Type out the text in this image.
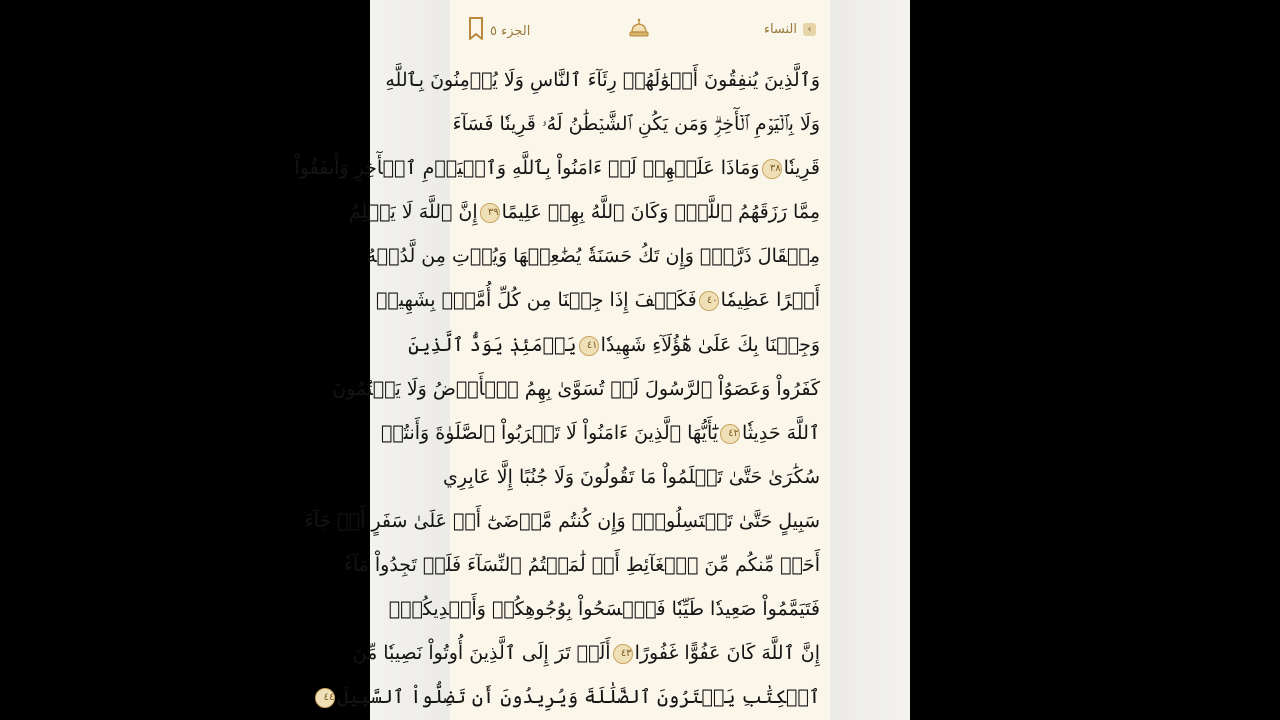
الجزء ٥	النساء	‹
وَٱلَّذِينَ يُنفِقُونَ أَمۡوَٰلَهُمۡ رِئَآءَ ٱلنَّاسِ وَلَا يُؤۡمِنُونَ بِٱللَّهِ
وَلَا بِٱلۡيَوۡمِ ٱلۡأٓخِرِۗ وَمَن يَكُنِ ٱلشَّيۡطَٰنُ لَهُۥ قَرِينٗا فَسَآءَ
قَرِينٗا٣٨وَمَاذَا عَلَيۡهِمۡ لَوۡ ءَامَنُواْ بِٱللَّهِ وَٱلۡيَوۡمِ ٱلۡأٓخِرِ وَأَنفَقُواْ
مِمَّا رَزَقَهُمُ ٱللَّهُۚ وَكَانَ ٱللَّهُ بِهِمۡ عَلِيمًا٣٩إِنَّ ٱللَّهَ لَا يَظۡلِمُ
مِثۡقَالَ ذَرَّةٖۖ وَإِن تَكُ حَسَنَةٗ يُضَٰعِفۡهَا وَيُؤۡتِ مِن لَّدُنۡهُ
أَجۡرًا عَظِيمٗا٤٠فَكَيۡفَ إِذَا جِئۡنَا مِن كُلِّ أُمَّةِۭ بِشَهِيدٖ
وَجِئۡنَا بِكَ عَلَىٰ هَٰٓؤُلَآءِ شَهِيدٗا٤١يَوۡمَئِذٖ يَوَدُّ ٱلَّذِينَ
كَفَرُواْ وَعَصَوُاْ ٱلرَّسُولَ لَوۡ تُسَوَّىٰ بِهِمُ ٱلۡأَرۡضُ وَلَا يَكۡتُمُونَ
ٱللَّهَ حَدِيثٗا٤٢يَٰٓأَيُّهَا ٱلَّذِينَ ءَامَنُواْ لَا تَقۡرَبُواْ ٱلصَّلَوٰةَ وَأَنتُمۡ
سُكَٰرَىٰ حَتَّىٰ تَعۡلَمُواْ مَا تَقُولُونَ وَلَا جُنُبًا إِلَّا عَابِرِي
سَبِيلٍ حَتَّىٰ تَغۡتَسِلُواْۚ وَإِن كُنتُم مَّرۡضَىٰٓ أَوۡ عَلَىٰ سَفَرٍ أَوۡ جَآءَ
أَحَدٞ مِّنكُم مِّنَ ٱلۡغَآئِطِ أَوۡ لَٰمَسۡتُمُ ٱلنِّسَآءَ فَلَمۡ تَجِدُواْ مَآءٗ
فَتَيَمَّمُواْ صَعِيدٗا طَيِّبٗا فَٱمۡسَحُواْ بِوُجُوهِكُمۡ وَأَيۡدِيكُمۡۗ
إِنَّ ٱللَّهَ كَانَ عَفُوًّا غَفُورًا٤٣أَلَمۡ تَرَ إِلَى ٱلَّذِينَ أُوتُواْ نَصِيبٗا مِّنَ
ٱلۡكِتَٰبِ يَشۡتَرُونَ ٱلضَّلَٰلَةَ وَيُرِيدُونَ أَن تَضِلُّواْ ٱلسَّبِيلَ٤٤
